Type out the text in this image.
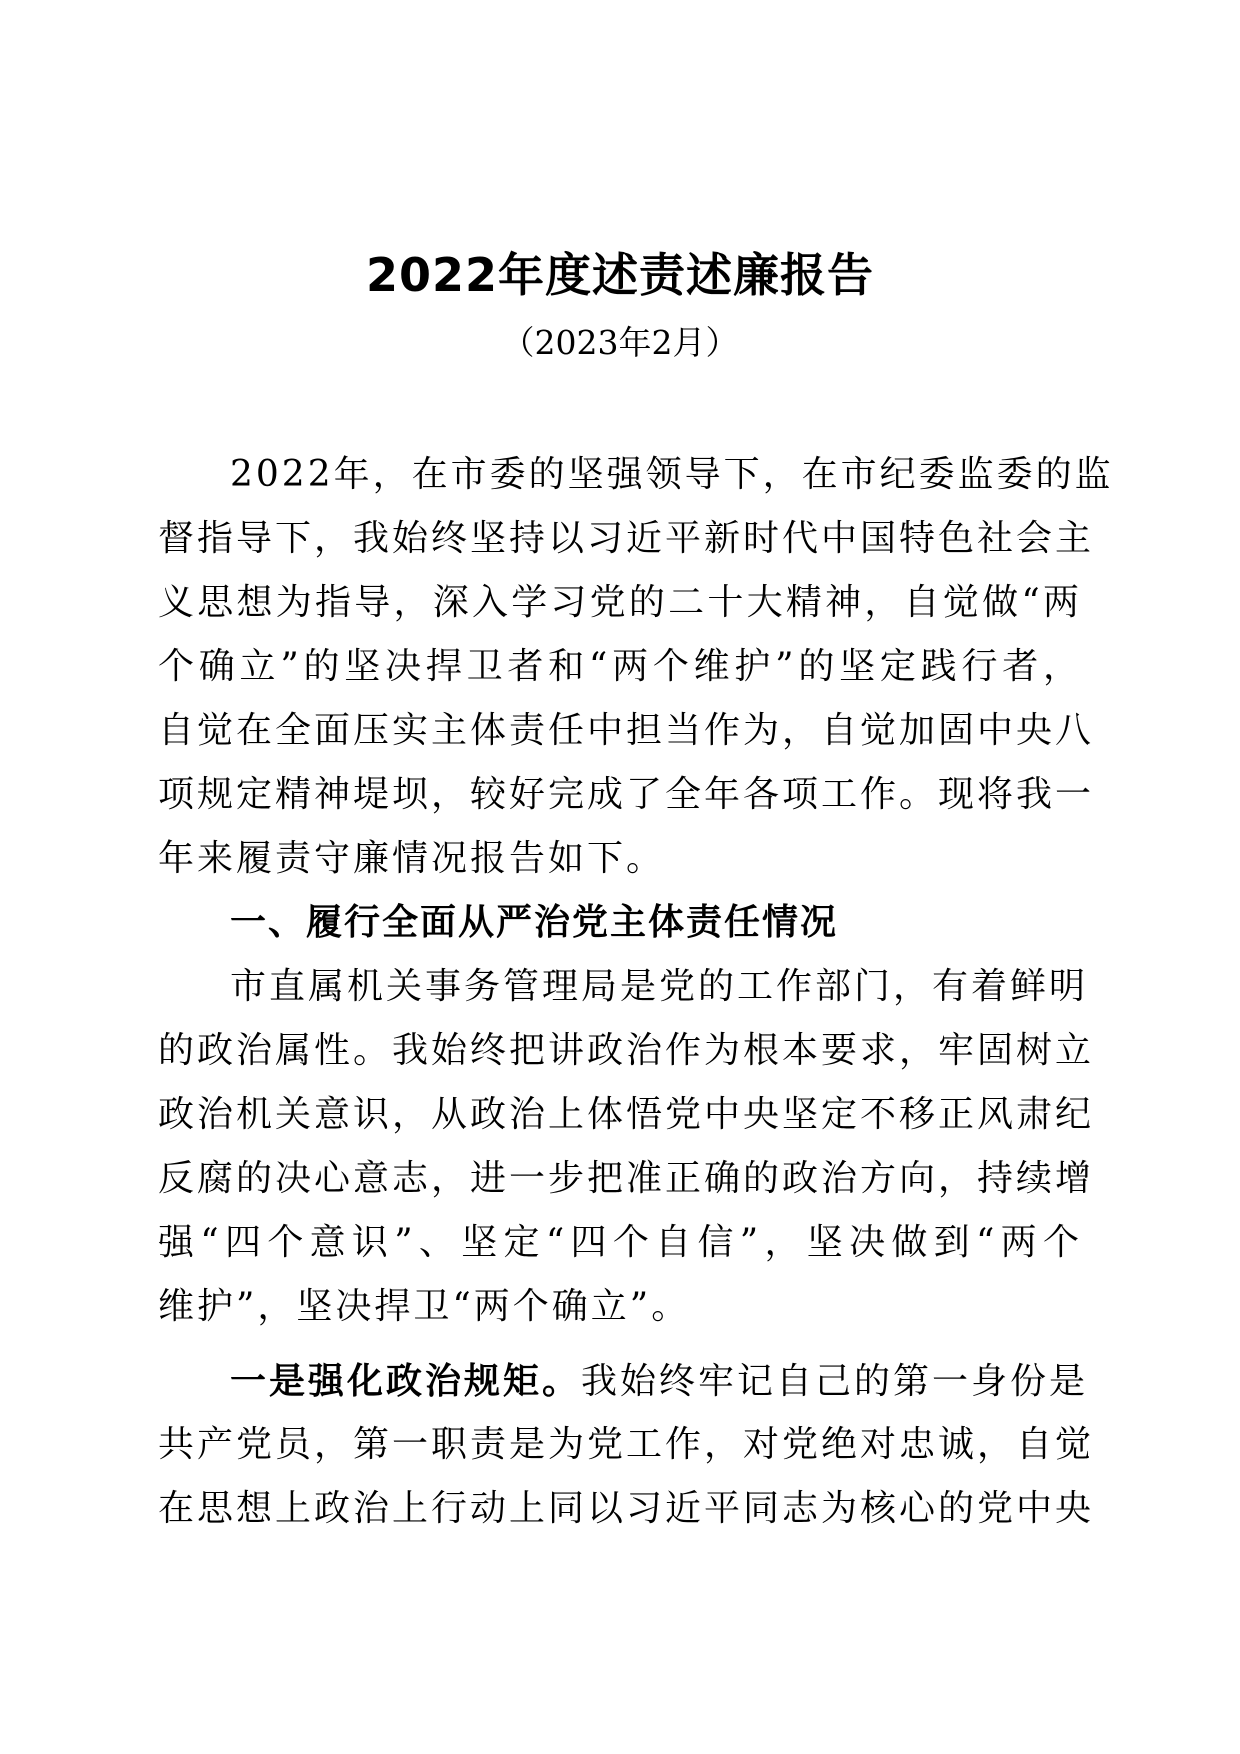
2022年度述责述廉报告
（2023年2月）
2022年，在市委的坚强领导下，在市纪委监委的监
督指导下，我始终坚持以习近平新时代中国特色社会主
义思想为指导，深入学习党的二十大精神，自觉做“两
个确立”的坚决捍卫者和“两个维护”的坚定践行者，
自觉在全面压实主体责任中担当作为，自觉加固中央八
项规定精神堤坝，较好完成了全年各项工作。现将我一
年来履责守廉情况报告如下。
一、履行全面从严治党主体责任情况
市直属机关事务管理局是党的工作部门，有着鲜明
的政治属性。我始终把讲政治作为根本要求，牢固树立
政治机关意识，从政治上体悟党中央坚定不移正风肃纪
反腐的决心意志，进一步把准正确的政治方向，持续增
强“四个意识”、坚定“四个自信”，坚决做到“两个
维护”，坚决捍卫“两个确立”。
一是强化政治规矩。我始终牢记自己的第一身份是
共产党员，第一职责是为党工作，对党绝对忠诚，自觉
在思想上政治上行动上同以习近平同志为核心的党中央
